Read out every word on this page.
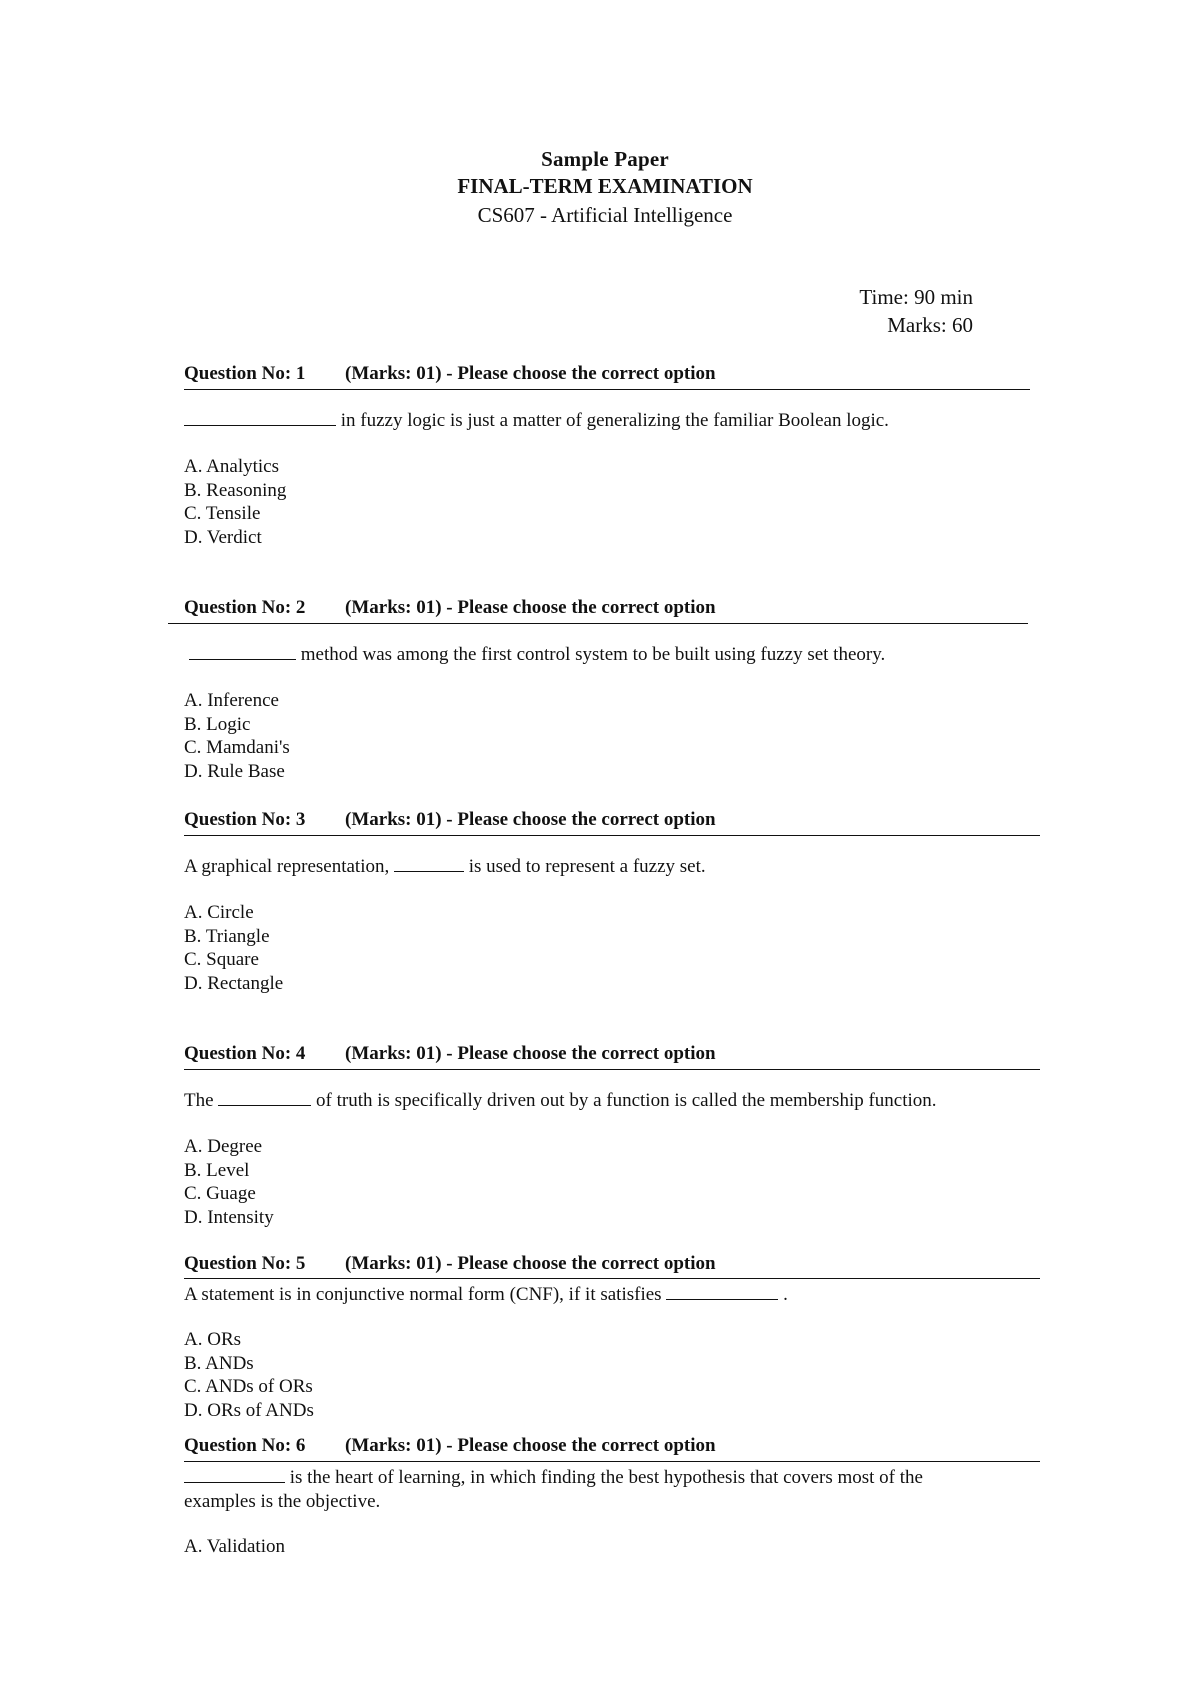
Sample Paper
FINAL-TERM EXAMINATION
CS607 - Artificial Intelligence
Time: 90 min
Marks: 60
Question No: 1 (Marks: 01) - Please choose the correct option
in fuzzy logic is just a matter of generalizing the familiar Boolean logic.
A. Analytics
B. Reasoning
C. Tensile
D. Verdict
Question No: 2 (Marks: 01) - Please choose the correct option
method was among the first control system to be built using fuzzy set theory.
A. Inference
B. Logic
C. Mamdani's
D. Rule Base
Question No: 3 (Marks: 01) - Please choose the correct option
A graphical representation,	is used to represent a fuzzy set.
A. Circle
B. Triangle
C. Square
D. Rectangle
Question No: 4 (Marks: 01) - Please choose the correct option
The	of truth is specifically driven out by a function is called the membership function.
A. Degree
B. Level
C. Guage
D. Intensity
Question No: 5 (Marks: 01) - Please choose the correct option
A statement is in conjunctive normal form (CNF), if it satisfies	.
A. ORs
B. ANDs
C. ANDs of ORs
D. ORs of ANDs
Question No: 6 (Marks: 01) - Please choose the correct option
is the heart of learning, in which finding the best hypothesis that covers most of the examples is the objective.
A. Validation
